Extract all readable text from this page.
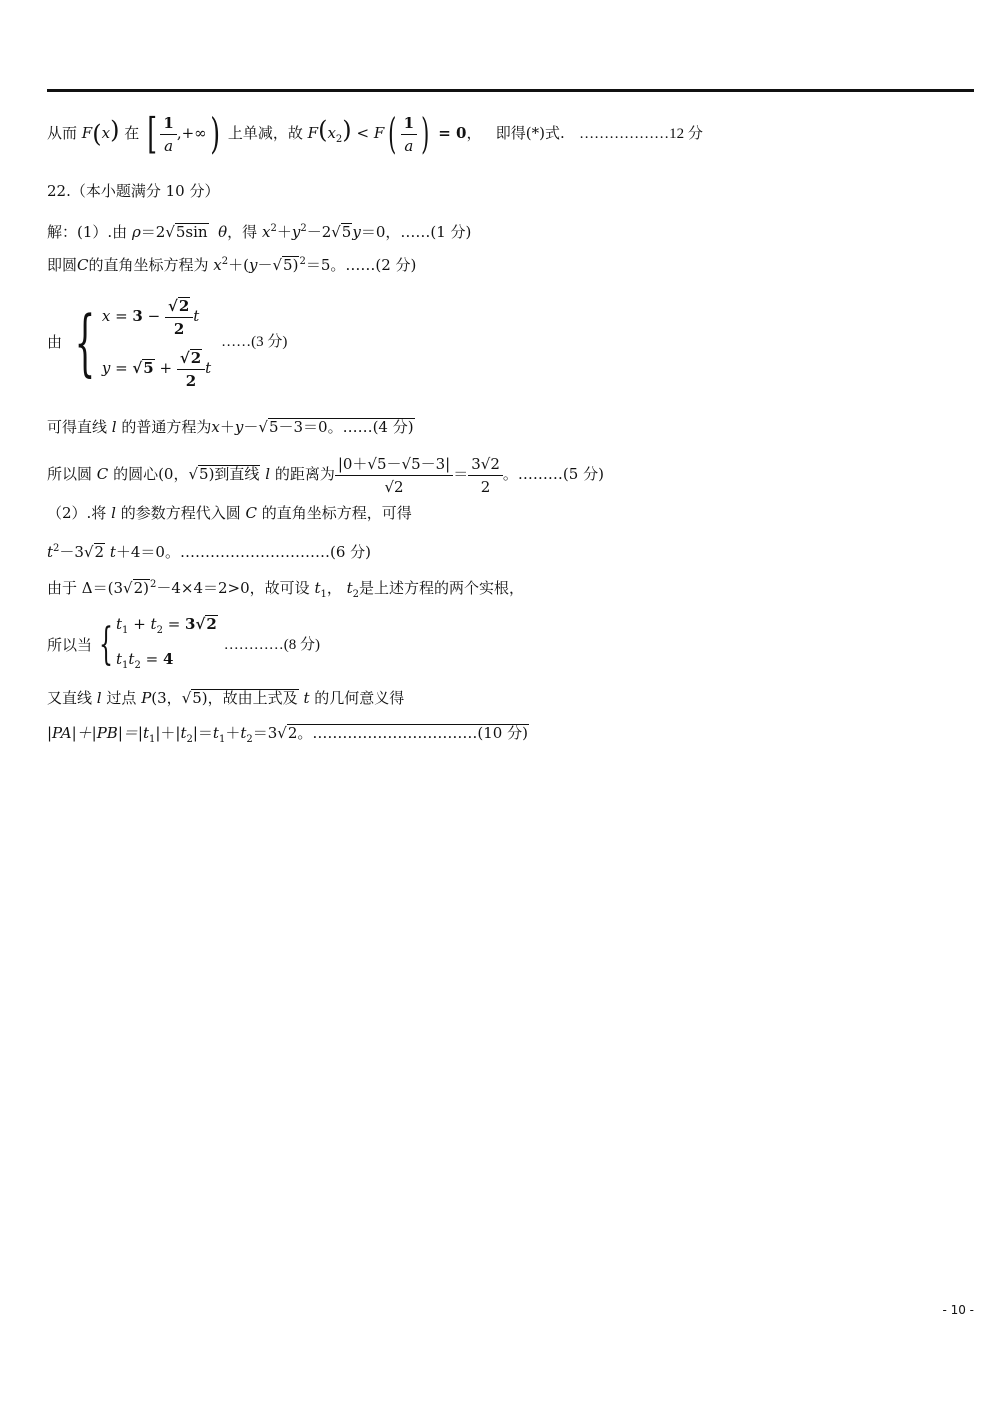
从而 F(x) 在 [ $\frac{1}{a}$ ,+∞) 上单减，故 $F(x_2) < F( \frac{1}{a}$ ) = 0，   即得(*)式. ………………12 分
22.（本小题满分 10 分）
解：(1）.由 ρ＝2√5sin θ，得 $x^2+y^2-2√5y=0$，……(1 分)
即圆C的直角坐标方程为 $x^2+(y-√5)^2=5$。……(2 分)
由 { $x = 3 - \frac{√2}{2}$ t
$y = √5 + \frac{√2}{2}$ t
……(3 分)
可得直线 l 的普通方程为x＋y－√5－3＝0。……(4 分)
所以圆 C 的圆心(0，√5)到直线 l 的距离为 $\frac{|0+√5-√5-3|}{√2} = \frac{3√2}{2}$ 。………(5 分)
（2）.将 l 的参数方程代入圆 C 的直角坐标方程，可得
$t^2-3√2$ t＋4＝0。…………………………(6 分)
由于 $\Delta=(3√2)^2-4\times 4=2>0$，故可设 $t_1$， $t_2$是上述方程的两个实根，
所以当 { $t_1 + t_2 = 3√2$
$t_1t_2 = 4$
…………(8 分)
又直线 l 过点 P(3，√5)，故由上式及 t 的几何意义得
$|PA|+|PB|=|t_1|+|t_2|=t_1+t_2=3√2$。……………………………(10 分)
- 10 -
